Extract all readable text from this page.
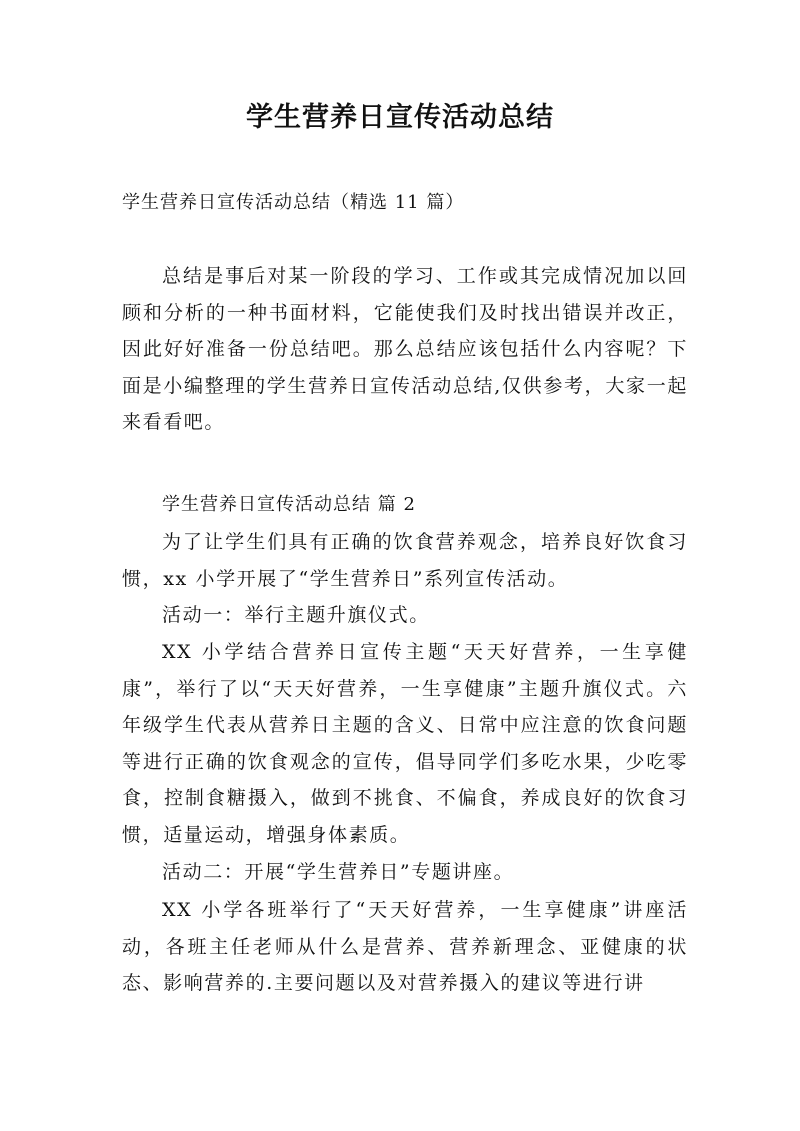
学生营养日宣传活动总结

学生营养日宣传活动总结（精选 11 篇）

总结是事后对某一阶段的学习、工作或其完成情况加以回顾和分析的一种书面材料，它能使我们及时找出错误并改正，因此好好准备一份总结吧。那么总结应该包括什么内容呢？下面是小编整理的学生营养日宣传活动总结,仅供参考，大家一起来看看吧。

学生营养日宣传活动总结 篇 2

为了让学生们具有正确的饮食营养观念，培养良好饮食习惯，xx 小学开展了“学生营养日”系列宣传活动。

活动一：举行主题升旗仪式。

XX 小学结合营养日宣传主题“天天好营养，一生享健康”，举行了以“天天好营养，一生享健康”主题升旗仪式。六年级学生代表从营养日主题的含义、日常中应注意的饮食问题等进行正确的饮食观念的宣传，倡导同学们多吃水果，少吃零食，控制食糖摄入，做到不挑食、不偏食，养成良好的饮食习惯，适量运动，增强身体素质。

活动二：开展“学生营养日”专题讲座。

XX 小学各班举行了“天天好营养，一生享健康”讲座活动，各班主任老师从什么是营养、营养新理念、亚健康的状态、影响营养的.主要问题以及对营养摄入的建议等进行讲
